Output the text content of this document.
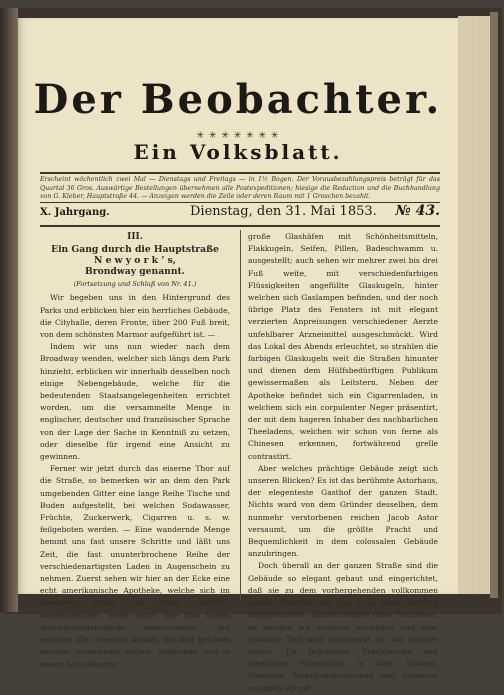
Der Beobachter.
✳ ✳ ✳ ✳ ✳ ✳ ✳
Ein Volksblatt.
Erscheint wöchentlich zwei Mal — Dienstags und Freitags — in 1½ Bogen. Der Vorausbezahlungspreis beträgt für das Quartal 36 Gros. Auswärtige Bestellungen übernehmen alle Postexpeditionen; hiesige die Redaction und die Buchhandlung von G. Kleber, Hauptstraße 44. — Anzeigen werden die Zeile oder deren Raum mit 1 Groschen bezahlt.
X. Jahrgang.	Dienstag, den 31. Mai 1853. № 43.

III.

Ein Gang durch die Hauptstraße

N e w y o r k ’ s,

Brondway genannt.

(Fortsetzung und Schluß von Nr. 41.)

Wir begeben uns in den Hintergrund des Parks und erblicken hier ein herrliches Gebäude, die Cityhalle, deren Fronte, über 200 Fuß breit, von dem schönsten Marmor aufgeführt ist. —

Indem wir uns nun wieder nach dem Broadway wenden, welcher sich längs dem Park hinzieht, erblicken wir innerhalb desselben noch einige Nebengebäude, welche für die bedeutenden Staatsangelegenheiten errichtet worden, um die versammelte Menge in englischer, deutscher und französischer Sprache von der Lage der Sache in Kenntniß zu setzen, oder dieselbe für irgend eine Ansicht zu gewinnen.

Ferner wir jetzt durch das eiserne Thor auf die Straße, so bemerken wir an dem den Park umgebenden Gitter eine lange Reihe Tische und Buden aufgestellt, bei welchen Sodawasser, Früchte, Zuckerwerk, Cigarren u. s. w. feilgeboten werden. — Eine wandernde Menge hemmt uns fast unsere Schritte und läßt uns Zeit, die fast ununterbrochene Reihe der verschiedenartigsten Laden in Augenschein zu nehmen. Zuerst sehen wir hier an der Ecke eine echt amerikanische Apotheke, welche sich im Aeußeren schon von einer deutsch-amerikanischen leicht durch ihre fünf hohen Aufsichtsgegenstände unterscheidet, auf welchen alle courante Artikel, die dort gehören werden, verzeichnet stehen. Außerdem sind in einem Schaufenster

große Glashäfen mit Schönheitsmitteln, Flakkugeln, Seifen, Pillen, Badeschwamm u. ausgestellt; auch sehen wir mehrer zwei bis drei Fuß weite, mit verschiedenfarbigen Flüssigkeiten angefüllte Glaskugeln, hinter welchen sich Gaslampen befinden, und der noch übrige Platz des Fensters ist mit elegant verzierten Anpreisungen verschiedener Aerzte unfehlbarer Arzneimittel ausgeschmückt. Wird das Lokal des Abends erleuchtet, so strahlen die farbigen Glaskugeln weit die Straßen hinunter und dienen dem Hülfsbedürftigen Publikum gewissermaßen als Leitstern. Neben der Apotheke befindet sich ein Cigarrenladen, in welchem sich ein corpulenter Neger präsentirt, der mit dem hageren Inhaber des nachbarlichen Theeladens, welchen wir schon von ferne als Chinesen erkennen, fortwährend grelle contrastirt.

Aber welches prächtige Gebäude zeigt sich unseren Blicken? Es ist das berühmte Astorhaus, der elegenteste Gasthof der ganzen Stadt. Nichts ward von dem Gründer desselben, dem nunmehr verstorbenen reichen Jacob Astor versaumt, um die größte Pracht und Bequemlichkeit in dem colossalen Gebäude anzubringen.

Doch überall an der ganzen Straße sind die Gebäude so elegant gebaut und eingerichtet, daß sie zu dem vorhergehenden vollkommen passen. Besehen wir uns z. B. jenen herrlich ausgestatteten Galanterieladen eines Franzosen, so werden wir erstaunt verweilen und eine geraume Zeit wird unbemerkt an uns vorüber gehen. Da prächtigen Prachtwerke und niedlichen Nippsachen in allen Massen, Porzellan, Metallcompositionen und Gußeisen wechseln ab mit
